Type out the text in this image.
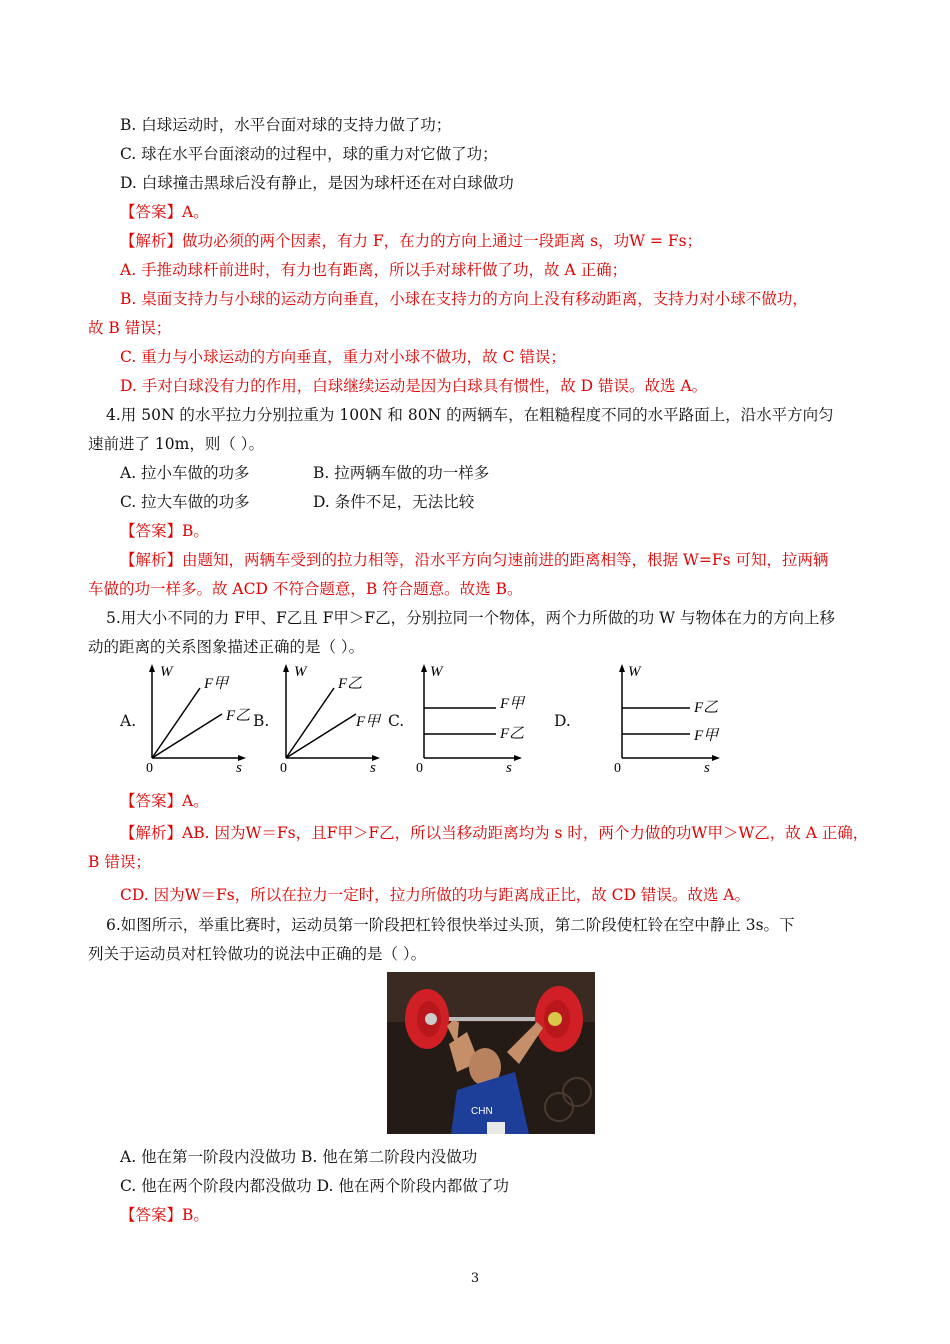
B. 白球运动时，水平台面对球的支持力做了功；
C. 球在水平台面滚动的过程中，球的重力对它做了功；
D. 白球撞击黑球后没有静止，是因为球杆还在对白球做功
【答案】A。
【解析】做功必须的两个因素，有力 F，在力的方向上通过一段距离 s，功W = Fs；
A. 手推动球杆前进时，有力也有距离，所以手对球杆做了功，故 A 正确；
B. 桌面支持力与小球的运动方向垂直，小球在支持力的方向上没有移动距离，支持力对小球不做功，
故 B 错误；
C. 重力与小球运动的方向垂直，重力对小球不做功，故 C 错误；
D. 手对白球没有力的作用，白球继续运动是因为白球具有惯性，故 D 错误。故选 A。
4.用 50N 的水平拉力分别拉重为 100N 和 80N 的两辆车，在粗糙程度不同的水平路面上，沿水平方向匀
速前进了 10m，则（ ）。
A. 拉小车做的功多	B. 拉两辆车做的功一样多
C. 拉大车做的功多	D. 条件不足，无法比较
【答案】B。
【解析】由题知，两辆车受到的拉力相等，沿水平方向匀速前进的距离相等，根据 W=Fs 可知，拉两辆
车做的功一样多。故 ACD 不符合题意，B 符合题意。故选 B。
5.用大小不同的力 F甲、F乙且 F甲＞F乙，分别拉同一个物体，两个力所做的功 W 与物体在力的方向上移
动的距离的关系图象描述正确的是（ ）。
A.
W
0	s
F甲
F乙 B.
W
0	s
F乙
F甲 C.
W
0	s
F甲
F乙
D.
W
0	s
F乙
F甲
【答案】A。
【解析】AB. 因为W＝Fs，且F甲＞F乙，所以当移动距离均为 s 时，两个力做的功W甲＞W乙，故 A 正确，
B 错误；
CD. 因为W＝Fs，所以在拉力一定时，拉力所做的功与距离成正比，故 CD 错误。故选 A。
6.如图所示，举重比赛时，运动员第一阶段把杠铃很快举过头顶，第二阶段使杠铃在空中静止 3s。下
列关于运动员对杠铃做功的说法中正确的是（ ）。
CHN
A. 他在第一阶段内没做功 B. 他在第二阶段内没做功
C. 他在两个阶段内都没做功 D. 他在两个阶段内都做了功
【答案】B。
3
